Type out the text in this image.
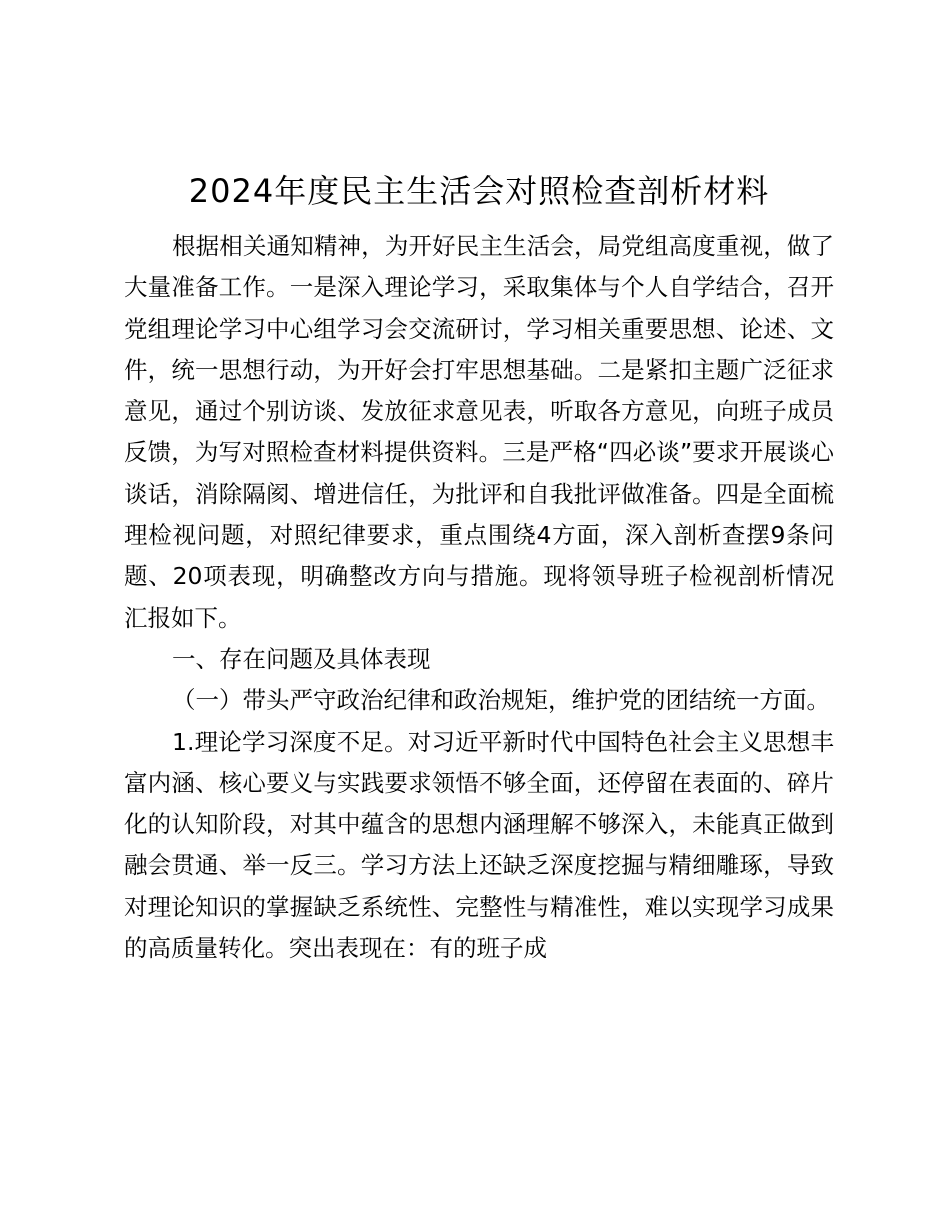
2024年度民主生活会对照检查剖析材料

根据相关通知精神，为开好民主生活会，局党组高度重视，做了大量准备工作。一是深入理论学习，采取集体与个人自学结合，召开党组理论学习中心组学习会交流研讨，学习相关重要思想、论述、文件，统一思想行动，为开好会打牢思想基础。二是紧扣主题广泛征求意见，通过个别访谈、发放征求意见表，听取各方意见，向班子成员反馈，为写对照检查材料提供资料。三是严格“四必谈”要求开展谈心谈话，消除隔阂、增进信任，为批评和自我批评做准备。四是全面梳理检视问题，对照纪律要求，重点围绕4方面，深入剖析查摆9条问题、20项表现，明确整改方向与措施。现将领导班子检视剖析情况汇报如下。

一、存在问题及具体表现

（一）带头严守政治纪律和政治规矩，维护党的团结统一方面。

1.理论学习深度不足。对习近平新时代中国特色社会主义思想丰富内涵、核心要义与实践要求领悟不够全面，还停留在表面的、碎片化的认知阶段，对其中蕴含的思想内涵理解不够深入，未能真正做到融会贯通、举一反三。学习方法上还缺乏深度挖掘与精细雕琢，导致对理论知识的掌握缺乏系统性、完整性与精准性，难以实现学习成果的高质量转化。突出表现在：有的班子成
